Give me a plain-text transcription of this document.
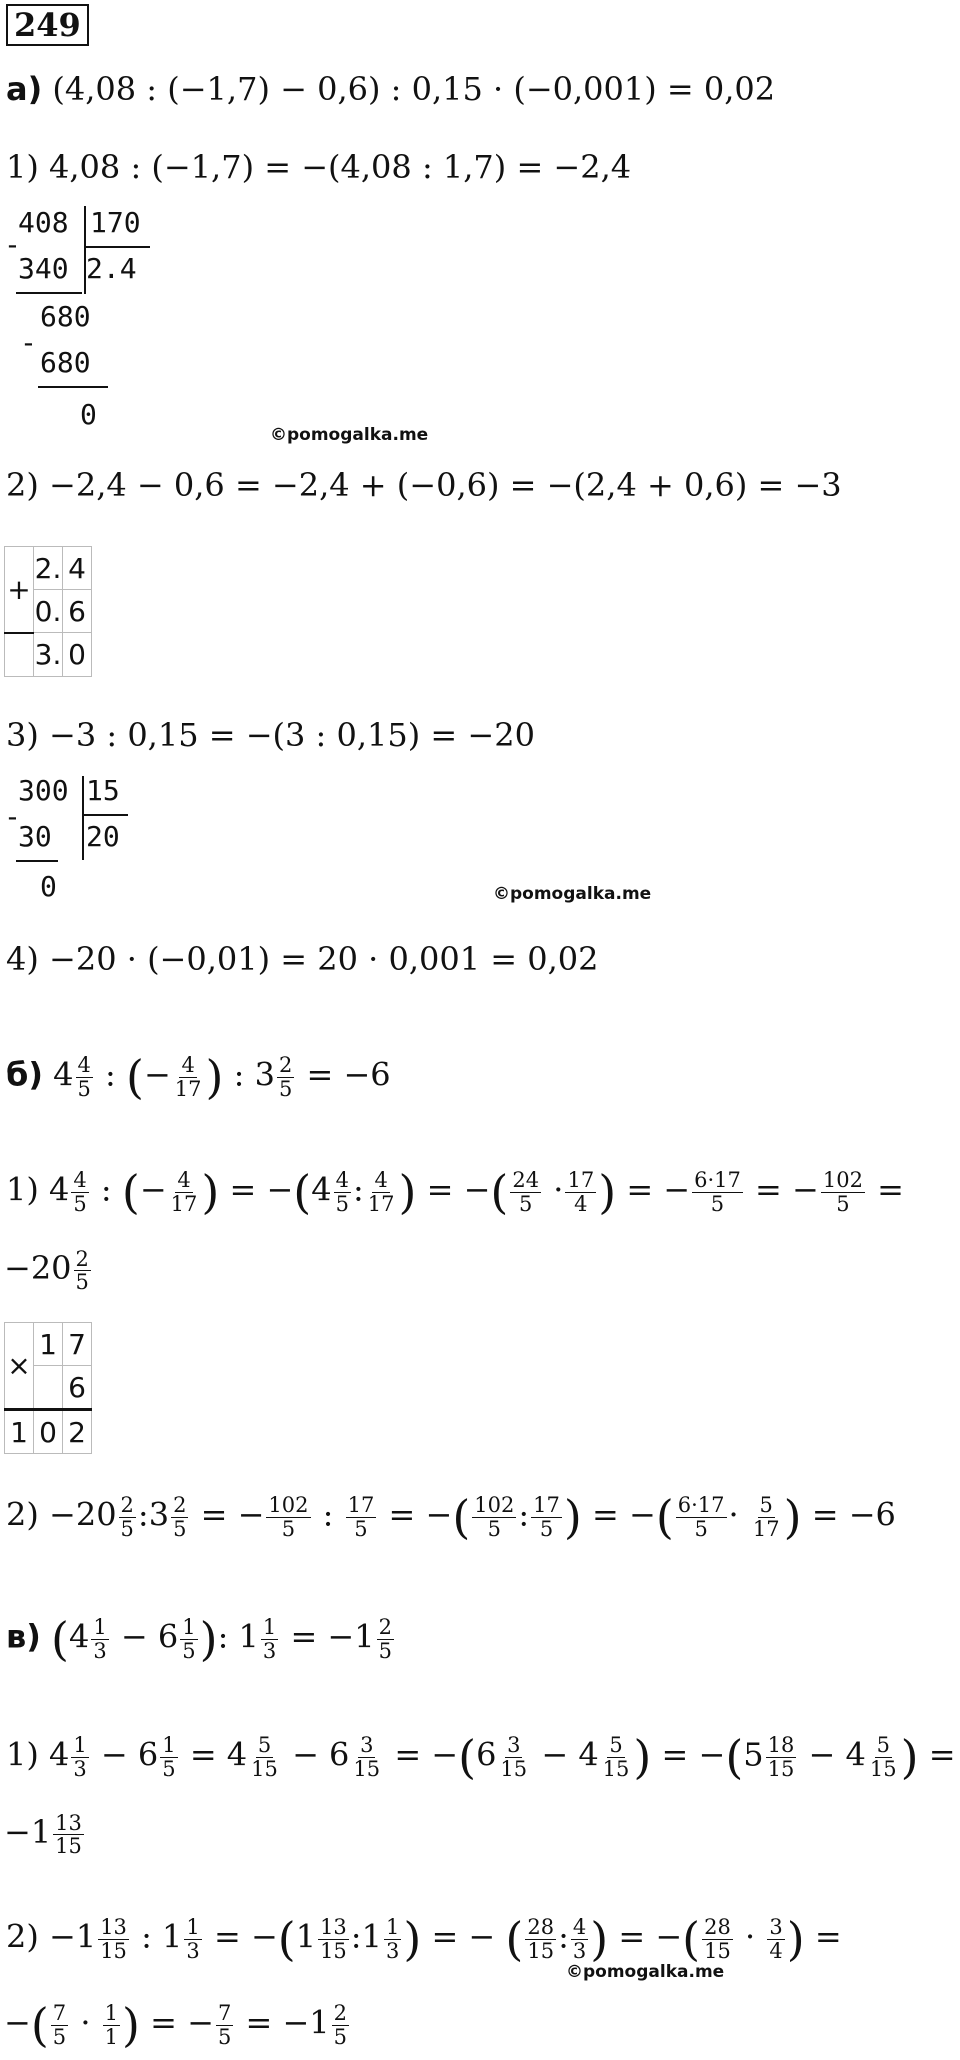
249
а) (4,08 : (−1,7) − 0,6) : 0,15 · (−0,001) = 0,02
1) 4,08 : (−1,7) = −(4,08 : 1,7) = −2,4
408 170
-
340 2.4
680
-
680
0
©pomogalka.me
2) −2,4 − 0,6 = −2,4 + (−0,6) = −(2,4 + 0,6) = −3
+	2.	4
	0.	6
	3.	0
3) −3 : 0,15 = −(3 : 0,15) = −20
300 15
-
30 20
0	©pomogalka.me
4) −20 · (−0,01) = 20 · 0,001 = 0,02
б) $4 \frac{4}{5}$ : (− $\frac{4}{17}$ ) : $3 \frac{2}{5} = -6$
1) $4 \frac{4}{5}$ : (− $\frac{4}{17}$ ) = $-(4 \frac{4}{5}$ : $\frac{4}{17}$ ) = −( $\frac{24}{5} \cdot \frac{17}{4}$ ) = − $\frac{6\cdot 17}{5}$ = − $\frac{102}{5}$ =
$-20 \frac{2}{5}$
×	1	7
		6
1	0	2
$2) -20 \frac{2}{5}$ :3 $\frac{2}{5}$ = − $\frac{102}{5}$ : $\frac{17}{5}$ = −( $\frac{102}{5}$ : $\frac{17}{5}$ ) = −( $\frac{6\cdot 17}{5} \cdot \frac{5}{17}$ ) = −6
в) ($4 \frac{1}{3} - 6 \frac{1}{5}$ ): $1 \frac{1}{3} = -1 \frac{2}{5}$
1) $4 \frac{1}{3} - 6 \frac{1}{5} = 4 \frac{5}{15} - 6 \frac{3}{15} = -(6 \frac{3}{15} - 4 \frac{5}{15}$ ) = $-(5 \frac{18}{15} - 4 \frac{5}{15}$ ) =
$-1 \frac{13}{15}$
$2) -1 \frac{13}{15}$ : $1 \frac{1}{3} = -(1 \frac{13}{15}$ :1 $\frac{1}{3}$ ) = − ( $\frac{28}{15}$ : $\frac{4}{3}$ ) = −( $\frac{28}{15} \cdot \frac{3}{4}$ ) =
©pomogalka.me
−( $\frac{7}{5} \cdot \frac{1}{1}$ ) = − $\frac{7}{5} = -1 \frac{2}{5}$
